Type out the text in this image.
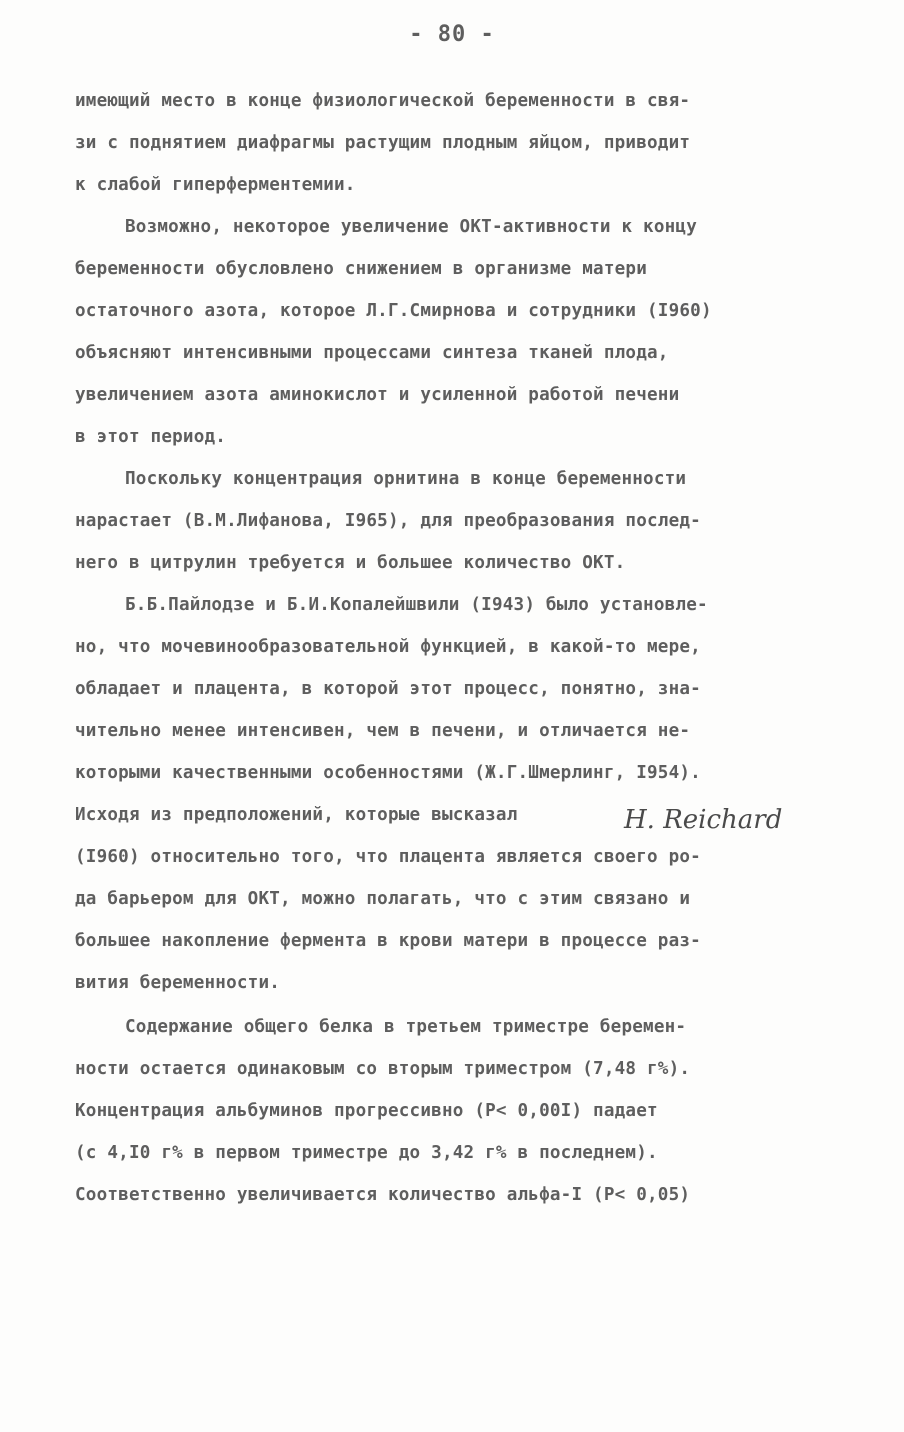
- 80 -
имеющий место в конце физиологической беременности в свя-
зи с поднятием диафрагмы растущим плодным яйцом, приводит
к слабой гиперферментемии.
Возможно, некоторое увеличение ОКТ-активности к концу
беременности обусловлено снижением в организме матери
остаточного азота, которое Л.Г.Смирнова и сотрудники (I960)
объясняют интенсивными процессами синтеза тканей плода,
увеличением азота аминокислот и усиленной работой печени
в этот период.
Поскольку концентрация орнитина в конце беременности
нарастает (В.М.Лифанова, I965), для преобразования послед-
него в цитрулин требуется и большее количество ОКТ.
Б.Б.Пайлодзе и Б.И.Копалейшвили (I943) было установле-
но, что мочевинообразовательной функцией, в какой-то мере,
обладает и плацента, в которой этот процесс, понятно, зна-
чительно менее интенсивен, чем в печени, и отличается не-
которыми качественными особенностями (Ж.Г.Шмерлинг, I954).
Исходя из предположений, которые высказал	H. Reichard
(I960) относительно того, что плацента является своего ро-
да барьером для ОКТ, можно полагать, что с этим связано и
большее накопление фермента в крови матери в процессе раз-
вития беременности.
Содержание общего белка в третьем триместре беремен-
ности остается одинаковым со вторым триместром (7,48 г%).
Концентрация альбуминов прогрессивно (P< 0,00I) падает
(с 4,I0 г% в первом триместре до 3,42 г% в последнем).
Соответственно увеличивается количество альфа-I (P< 0,05)
